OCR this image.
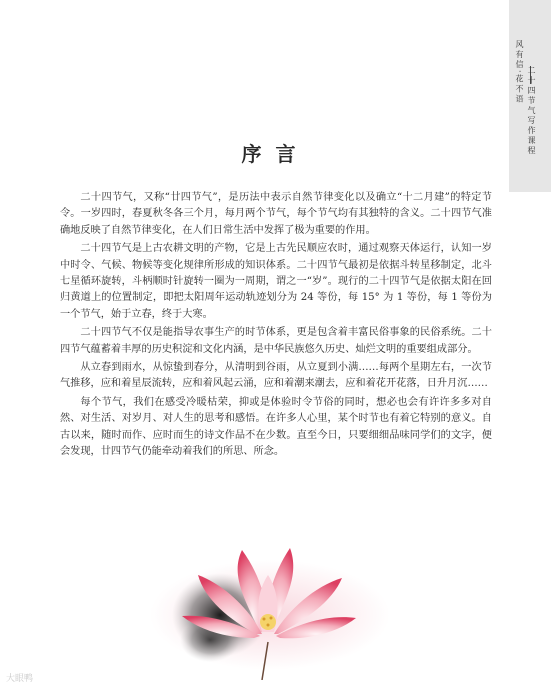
风有信·花不语 二十四节气写作课程
序言

二十四节气，又称“廿四节气”，是历法中表示自然节律变化以及确立“十二月建”的特定节令。一岁四时，春夏秋冬各三个月，每月两个节气，每个节气均有其独特的含义。二十四节气准确地反映了自然节律变化，在人们日常生活中发挥了极为重要的作用。

二十四节气是上古农耕文明的产物，它是上古先民顺应农时，通过观察天体运行，认知一岁中时令、气候、物候等变化规律所形成的知识体系。二十四节气最初是依据斗转星移制定，北斗七星循环旋转，斗柄顺时针旋转一圈为一周期，谓之一“岁”。现行的二十四节气是依据太阳在回归黄道上的位置制定，即把太阳周年运动轨迹划分为 24 等份，每 15° 为 1 等份，每 1 等份为一个节气，始于立春，终于大寒。

二十四节气不仅是能指导农事生产的时节体系，更是包含着丰富民俗事象的民俗系统。二十四节气蕴蓄着丰厚的历史积淀和文化内涵，是中华民族悠久历史、灿烂文明的重要组成部分。

从立春到雨水，从惊蛰到春分，从清明到谷雨，从立夏到小满……每两个星期左右，一次节气推移，应和着星辰流转，应和着风起云涌，应和着潮来潮去，应和着花开花落，日升月沉……

每个节气，我们在感受冷暖枯荣，抑或是体验时令节俗的同时，想必也会有许许多多对自然、对生活、对岁月、对人生的思考和感悟。在许多人心里，某个时节也有着它特别的意义。自古以来，随时而作、应时而生的诗文作品不在少数。直至今日，只要细细品味同学们的文字，便会发现，廿四节气仍能牵动着我们的所思、所念。

大眼鸭
